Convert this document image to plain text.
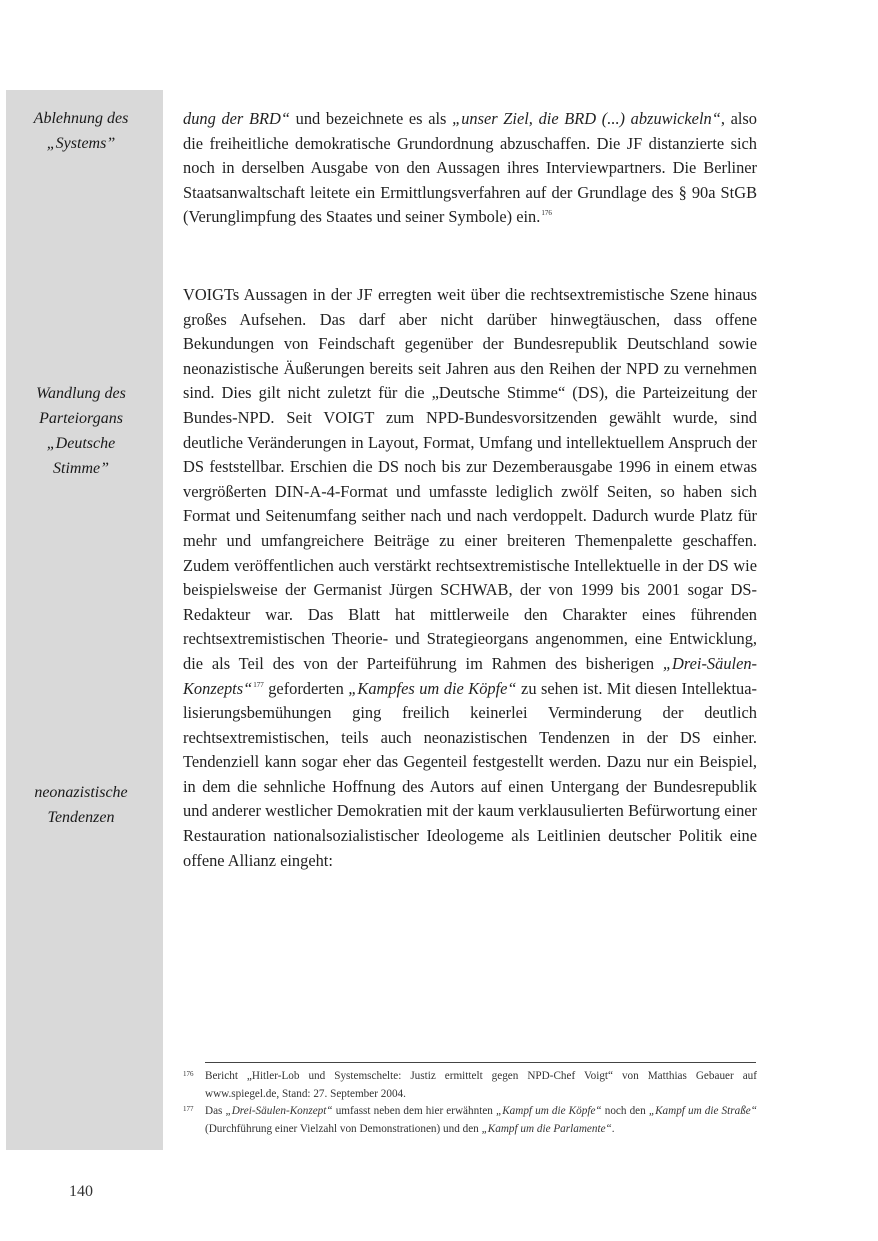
Ablehnung des
„Systems”
Wandlung des
Parteiorgans
„Deutsche
Stimme”
neonazistische
Tendenzen

dung der BRD“ und bezeichnete es als „unser Ziel, die BRD (...) abzuwickeln“, also die freiheitliche demokratische Grundordnung abzuschaffen. Die JF distanzierte sich noch in derselben Ausgabe von den Aussagen ihres Interviewpartners. Die Berliner Staatsanwaltschaft leitete ein Ermittlungsverfahren auf der Grundlage des § 90a StGB (Verunglimpfung des Staates und seiner Symbole) ein.$^{176}$

VOIGTs Aussagen in der JF erregten weit über die rechtsextremistische Szene hinaus großes Aufsehen. Das darf aber nicht darüber hinwegtäuschen, dass offene Bekundungen von Feindschaft gegenüber der Bundesrepublik Deutschland sowie neonazistische Äußerungen bereits seit Jahren aus den Reihen der NPD zu vernehmen sind. Dies gilt nicht zuletzt für die „Deutsche Stimme“ (DS), die Parteizeitung der Bundes-NPD. Seit VOIGT zum NPD-Bundesvorsitzenden gewählt wurde, sind deutliche Veränderungen in Layout, Format, Umfang und intellektuellem Anspruch der DS feststellbar. Erschien die DS noch bis zur Dezemberausgabe 1996 in einem etwas vergrößerten DIN-A-4-Format und umfasste lediglich zwölf Seiten, so haben sich Format und Seitenumfang seither nach und nach verdoppelt. Dadurch wurde Platz für mehr und umfangreichere Beiträge zu einer breiteren Themenpalette geschaffen. Zudem veröffentlichen auch verstärkt rechtsextremistische Intellektuelle in der DS wie beispielsweise der Germanist Jürgen SCHWAB, der von 1999 bis 2001 sogar DS-Redakteur war. Das Blatt hat mittlerweile den Charakter eines führenden rechtsextremistischen Theorie- und Strategieorgans angenommen, eine Entwicklung, die als Teil des von der Parteiführung im Rahmen des bisherigen „Drei-Säulen-Konzepts“$^{177}$ geforderten „Kampfes um die Köpfe“ zu sehen ist. Mit diesen Intellektualisierungsbemühungen ging freilich keinerlei Verminderung der deutlich rechtsextremistischen, teils auch neonazistischen Tendenzen in der DS einher. Tendenziell kann sogar eher das Gegenteil festgestellt werden. Dazu nur ein Beispiel, in dem die sehnliche Hoffnung des Autors auf einen Untergang der Bundesrepublik und anderer westlicher Demokratien mit der kaum verklausulierten Befürwortung einer Restauration nationalsozialistischer Ideologeme als Leitlinien deutscher Politik eine offene Allianz eingeht:

176 Bericht „Hitler-Lob und Systemschelte: Justiz ermittelt gegen NPD-Chef Voigt“ von Matthias Gebauer auf www.spiegel.de, Stand: 27. September 2004.
177 Das „Drei-Säulen-Konzept“ umfasst neben dem hier erwähnten „Kampf um die Köpfe“ noch den „Kampf um die Straße“ (Durchführung einer Vielzahl von Demonstrationen) und den „Kampf um die Parlamente“.
140
